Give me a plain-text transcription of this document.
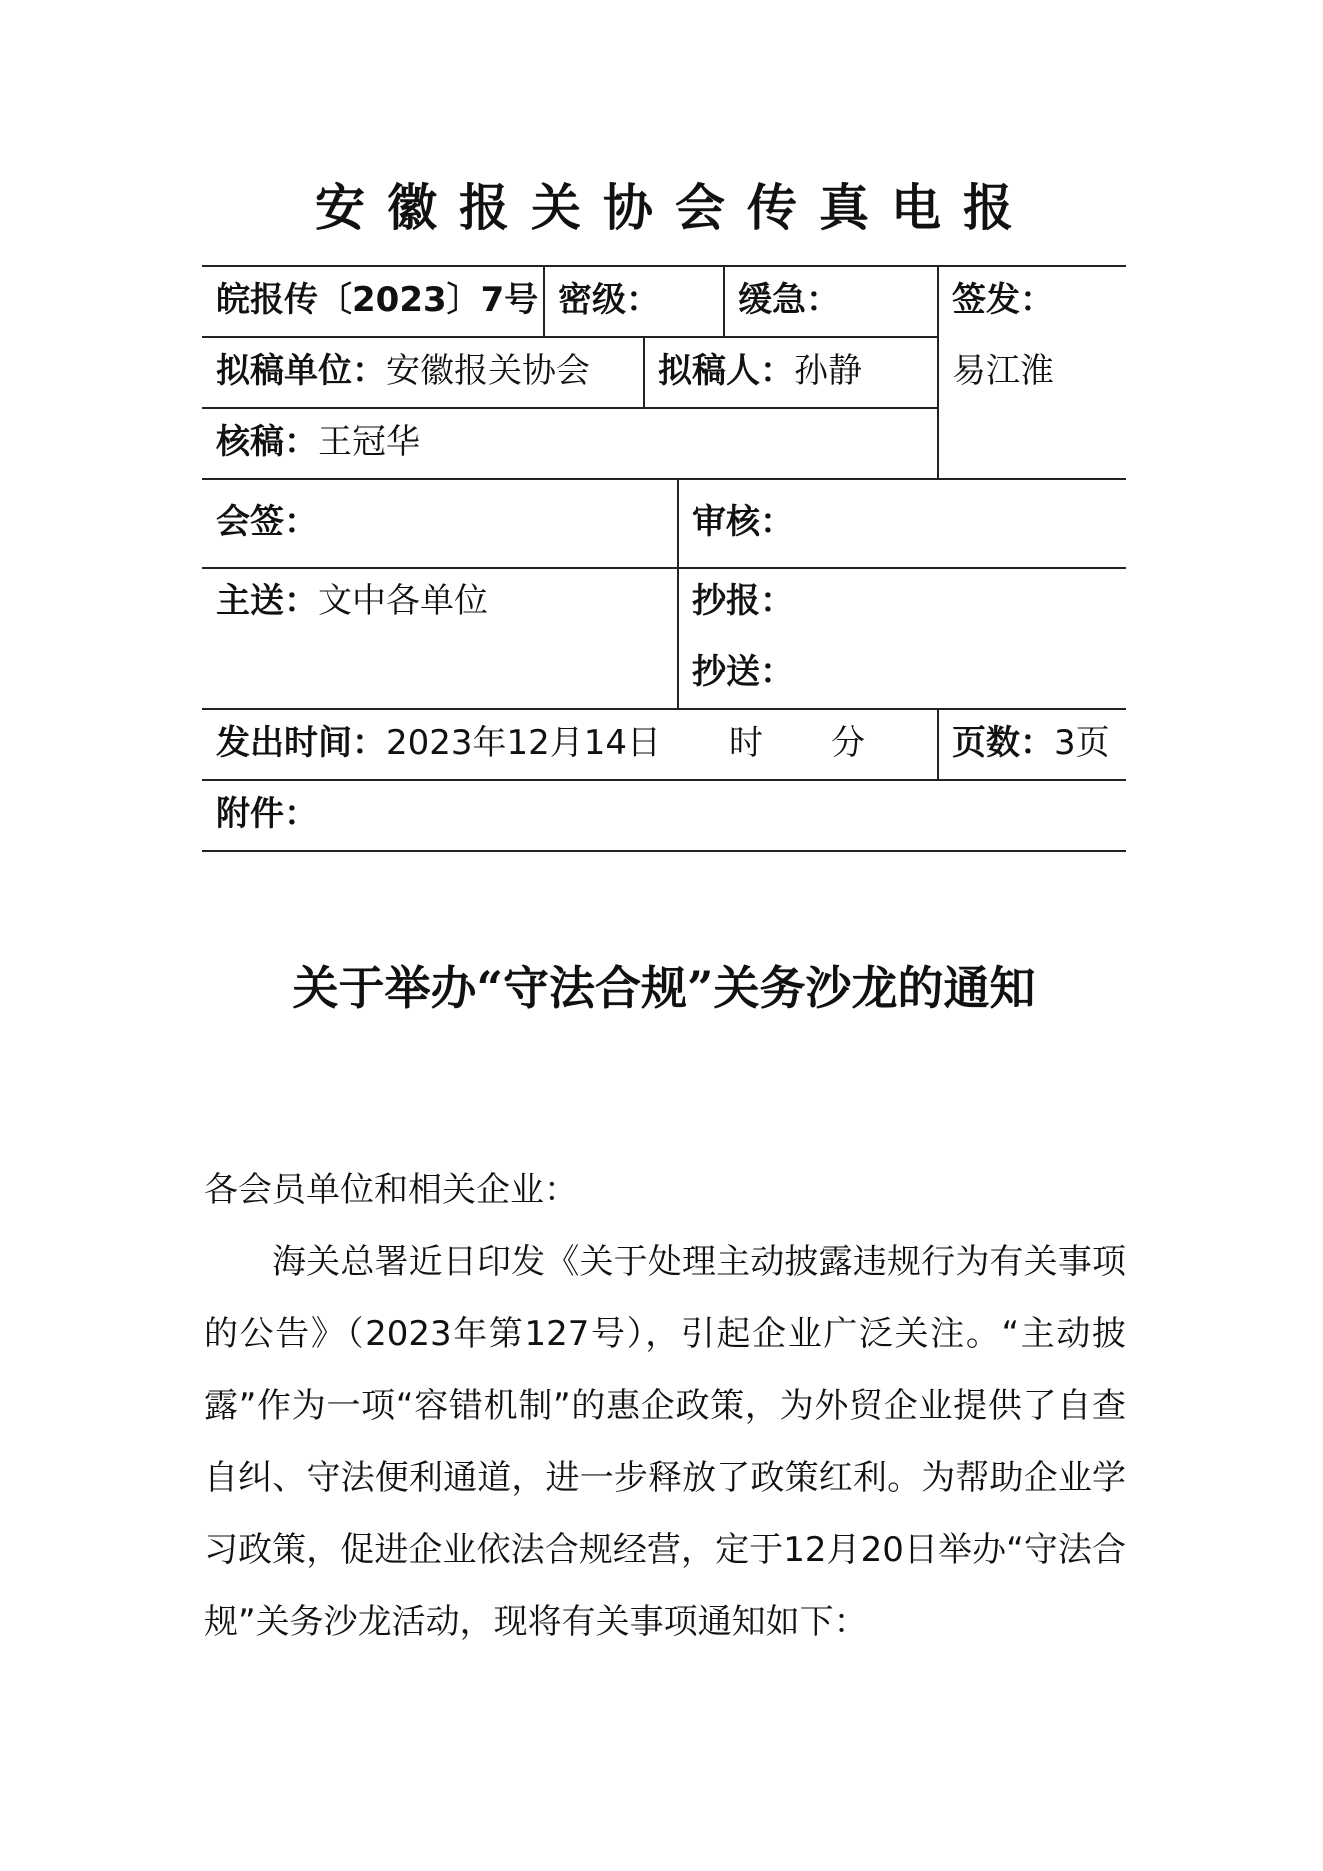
安徽报关协会传真电报
皖报传〔2023〕7号 密级： 缓急：	签发：
易江淮
拟稿单位：安徽报关协会 拟稿人：孙静
核稿：王冠华
会签：	审核：
主送：文中各单位	抄报：
抄送：
发出时间：2023年12月14日　　时　　分	页数：3页
附件：
关于举办“守法合规”关务沙龙的通知

各会员单位和相关企业：

海关总署近日印发《关于处理主动披露违规行为有关事项的公告》（2023年第127号），引起企业广泛关注。“主动披露”作为一项“容错机制”的惠企政策，为外贸企业提供了自查自纠、守法便利通道，进一步释放了政策红利。为帮助企业学习政策，促进企业依法合规经营，定于12月20日举办“守法合规”关务沙龙活动，现将有关事项通知如下：
